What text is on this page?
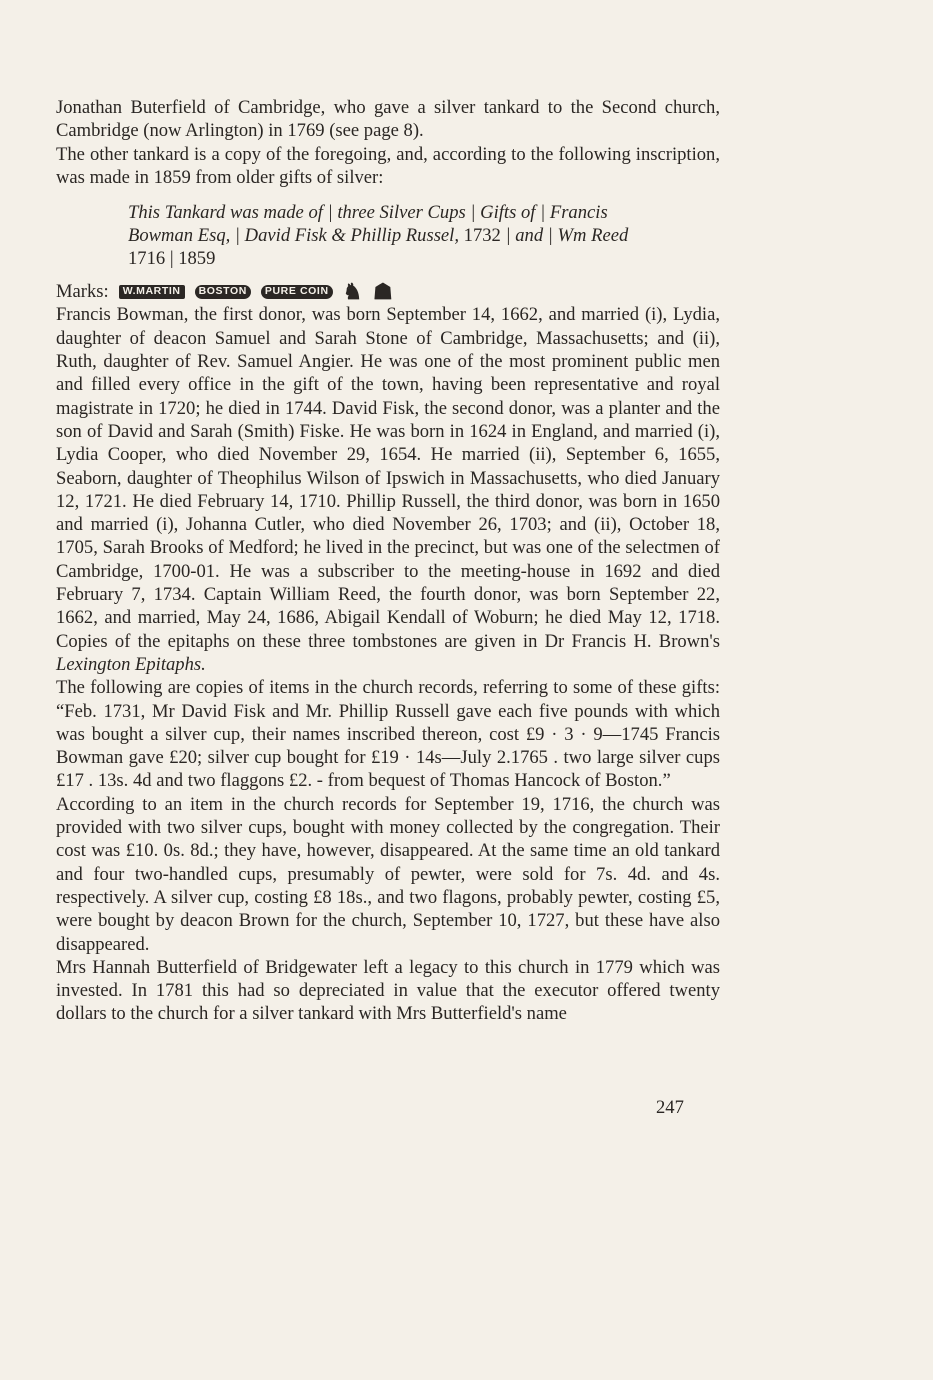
Jonathan Buterfield of Cambridge, who gave a silver tankard to the Second church, Cambridge (now Arlington) in 1769 (see page 8).

The other tankard is a copy of the foregoing, and, according to the following inscription, was made in 1859 from older gifts of silver:

This Tankard was made of | three Silver Cups | Gifts of | Francis Bowman Esq, | David Fisk & Phillip Russel, 1732 | and | Wm Reed 1716 | 1859

Marks:	W.MARTIN	BOSTON	PURE COIN ♞ ☗

Francis Bowman, the first donor, was born September 14, 1662, and married (i), Lydia, daughter of deacon Samuel and Sarah Stone of Cambridge, Massachusetts; and (ii), Ruth, daughter of Rev. Samuel Angier. He was one of the most prominent public men and filled every office in the gift of the town, having been representative and royal magistrate in 1720; he died in 1744. David Fisk, the second donor, was a planter and the son of David and Sarah (Smith) Fiske. He was born in 1624 in England, and married (i), Lydia Cooper, who died November 29, 1654. He married (ii), September 6, 1655, Seaborn, daughter of Theophilus Wilson of Ipswich in Massachusetts, who died January 12, 1721. He died February 14, 1710. Phillip Russell, the third donor, was born in 1650 and married (i), Johanna Cutler, who died November 26, 1703; and (ii), October 18, 1705, Sarah Brooks of Medford; he lived in the precinct, but was one of the selectmen of Cambridge, 1700-01. He was a subscriber to the meeting-house in 1692 and died February 7, 1734. Captain William Reed, the fourth donor, was born September 22, 1662, and married, May 24, 1686, Abigail Kendall of Woburn; he died May 12, 1718. Copies of the epitaphs on these three tombstones are given in Dr Francis H. Brown's Lexington Epitaphs.

The following are copies of items in the church records, referring to some of these gifts: “Feb. 1731, Mr David Fisk and Mr. Phillip Russell gave each five pounds with which was bought a silver cup, their names inscribed thereon, cost £9 · 3 · 9—1745 Francis Bowman gave £20; silver cup bought for £19 · 14s—July 2.1765 . two large silver cups £17 . 13s. 4d and two flaggons £2. - from bequest of Thomas Hancock of Boston.”

According to an item in the church records for September 19, 1716, the church was provided with two silver cups, bought with money collected by the congregation. Their cost was £10. 0s. 8d.; they have, however, disappeared. At the same time an old tankard and four two-handled cups, presumably of pewter, were sold for 7s. 4d. and 4s. respectively. A silver cup, costing £8 18s., and two flagons, probably pewter, costing £5, were bought by deacon Brown for the church, September 10, 1727, but these have also disappeared.

Mrs Hannah Butterfield of Bridgewater left a legacy to this church in 1779 which was invested. In 1781 this had so depreciated in value that the executor offered twenty dollars to the church for a silver tankard with Mrs Butterfield's name

247
